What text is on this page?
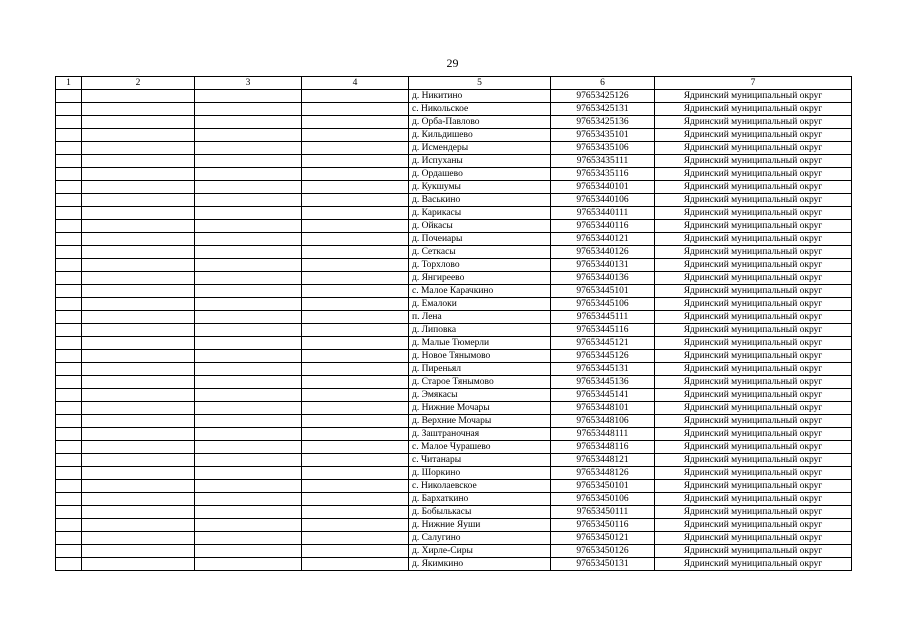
29
1	2	3	4	5	6	7
				д. Никитино	97653425126	Ядринский муниципальный округ
				с. Никольское	97653425131	Ядринский муниципальный округ
				д. Орба-Павлово	97653425136	Ядринский муниципальный округ
				д. Кильдишево	97653435101	Ядринский муниципальный округ
				д. Исмендеры	97653435106	Ядринский муниципальный округ
				д. Испуханы	97653435111	Ядринский муниципальный округ
				д. Ордашево	97653435116	Ядринский муниципальный округ
				д. Кукшумы	97653440101	Ядринский муниципальный округ
				д. Васькино	97653440106	Ядринский муниципальный округ
				д. Карикасы	97653440111	Ядринский муниципальный округ
				д. Ойкасы	97653440116	Ядринский муниципальный округ
				д. Почеиары	97653440121	Ядринский муниципальный округ
				д. Сеткасы	97653440126	Ядринский муниципальный округ
				д. Торхлово	97653440131	Ядринский муниципальный округ
				д. Янгиреево	97653440136	Ядринский муниципальный округ
				с. Малое Карачкино	97653445101	Ядринский муниципальный округ
				д. Емалоки	97653445106	Ядринский муниципальный округ
				п. Лена	97653445111	Ядринский муниципальный округ
				д. Липовка	97653445116	Ядринский муниципальный округ
				д. Малые Тюмерли	97653445121	Ядринский муниципальный округ
				д. Новое Тянымово	97653445126	Ядринский муниципальный округ
				д. Пиреньял	97653445131	Ядринский муниципальный округ
				д. Старое Тянымово	97653445136	Ядринский муниципальный округ
				д. Эмякасы	97653445141	Ядринский муниципальный округ
				д. Нижние Мочары	97653448101	Ядринский муниципальный округ
				д. Верхние Мочары	97653448106	Ядринский муниципальный округ
				д. Заштраночная	97653448111	Ядринский муниципальный округ
				с. Малое Чурашево	97653448116	Ядринский муниципальный округ
				с. Читанары	97653448121	Ядринский муниципальный округ
				д. Шоркино	97653448126	Ядринский муниципальный округ
				с. Николаевское	97653450101	Ядринский муниципальный округ
				д. Бархаткино	97653450106	Ядринский муниципальный округ
				д. Бобылькасы	97653450111	Ядринский муниципальный округ
				д. Нижние Яуши	97653450116	Ядринский муниципальный округ
				д. Салугино	97653450121	Ядринский муниципальный округ
				д. Хирле-Сиры	97653450126	Ядринский муниципальный округ
				д. Якимкино	97653450131	Ядринский муниципальный округ
